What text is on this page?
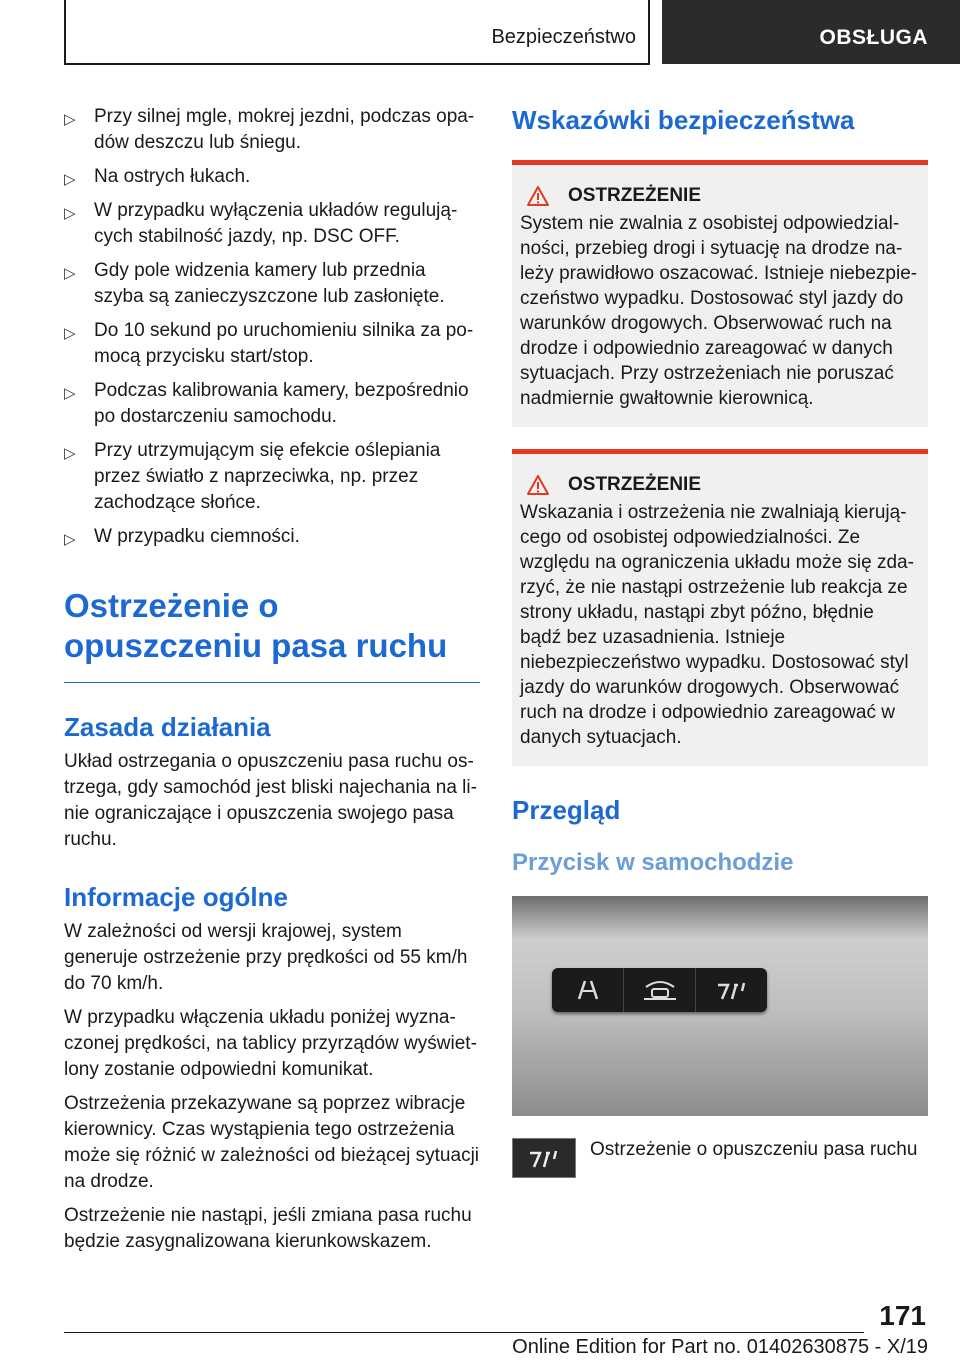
Bezpieczeństwo	OBSŁUGA
▷ Przy silnej mgle, mokrej jezdni, podczas opadów deszczu lub śniegu.
▷ Na ostrych łukach.
▷ W przypadku wyłączenia układów regulujących stabilność jazdy, np. DSC OFF.
▷ Gdy pole widzenia kamery lub przednia szyba są zanieczyszczone lub zasłonięte.
▷ Do 10 sekund po uruchomieniu silnika za pomocą przycisku start/stop.
▷ Podczas kalibrowania kamery, bezpośrednio po dostarczeniu samochodu.
▷ Przy utrzymującym się efekcie oślepiania przez światło z naprzeciwka, np. przez zachodzące słońce.
▷ W przypadku ciemności.
Ostrzeżenie o opuszczeniu pasa ruchu
Zasada działania

Układ ostrzegania o opuszczeniu pasa ruchu ostrzega, gdy samochód jest bliski najechania na linie ograniczające i opuszczenia swojego pasa ruchu.

Informacje ogólne

W zależności od wersji krajowej, system generuje ostrzeżenie przy prędkości od 55 km/h do 70 km/h.

W przypadku włączenia układu poniżej wyznaczonej prędkości, na tablicy przyrządów wyświetlony zostanie odpowiedni komunikat.

Ostrzeżenia przekazywane są poprzez wibracje kierownicy. Czas wystąpienia tego ostrzeżenia może się różnić w zależności od bieżącej sytuacji na drodze.

Ostrzeżenie nie nastąpi, jeśli zmiana pasa ruchu będzie zasygnalizowana kierunkowskazem.

Wskazówki bezpieczeństwa
OSTRZEŻENIE
System nie zwalnia z osobistej odpowiedzialności, przebieg drogi i sytuację na drodze należy prawidłowo oszacować. Istnieje niebezpieczeństwo wypadku. Dostosować styl jazdy do warunków drogowych. Obserwować ruch na drodze i odpowiednio zareagować w danych sytuacjach. Przy ostrzeżeniach nie poruszać nadmiernie gwałtownie kierownicą.
OSTRZEŻENIE
Wskazania i ostrzeżenia nie zwalniają kierującego od osobistej odpowiedzialności. Ze względu na ograniczenia układu może się zdarzyć, że nie nastąpi ostrzeżenie lub reakcja ze strony układu, nastąpi zbyt późno, błędnie bądź bez uzasadnienia. Istnieje niebezpieczeństwo wypadku. Dostosować styl jazdy do warunków drogowych. Obserwować ruch na drodze i odpowiednio zareagować w danych sytuacjach.
Przegląd
Przycisk w samochodzie
Ostrzeżenie o opuszczeniu pasa ruchu
171
Online Edition for Part no. 01402630875 - X/19
